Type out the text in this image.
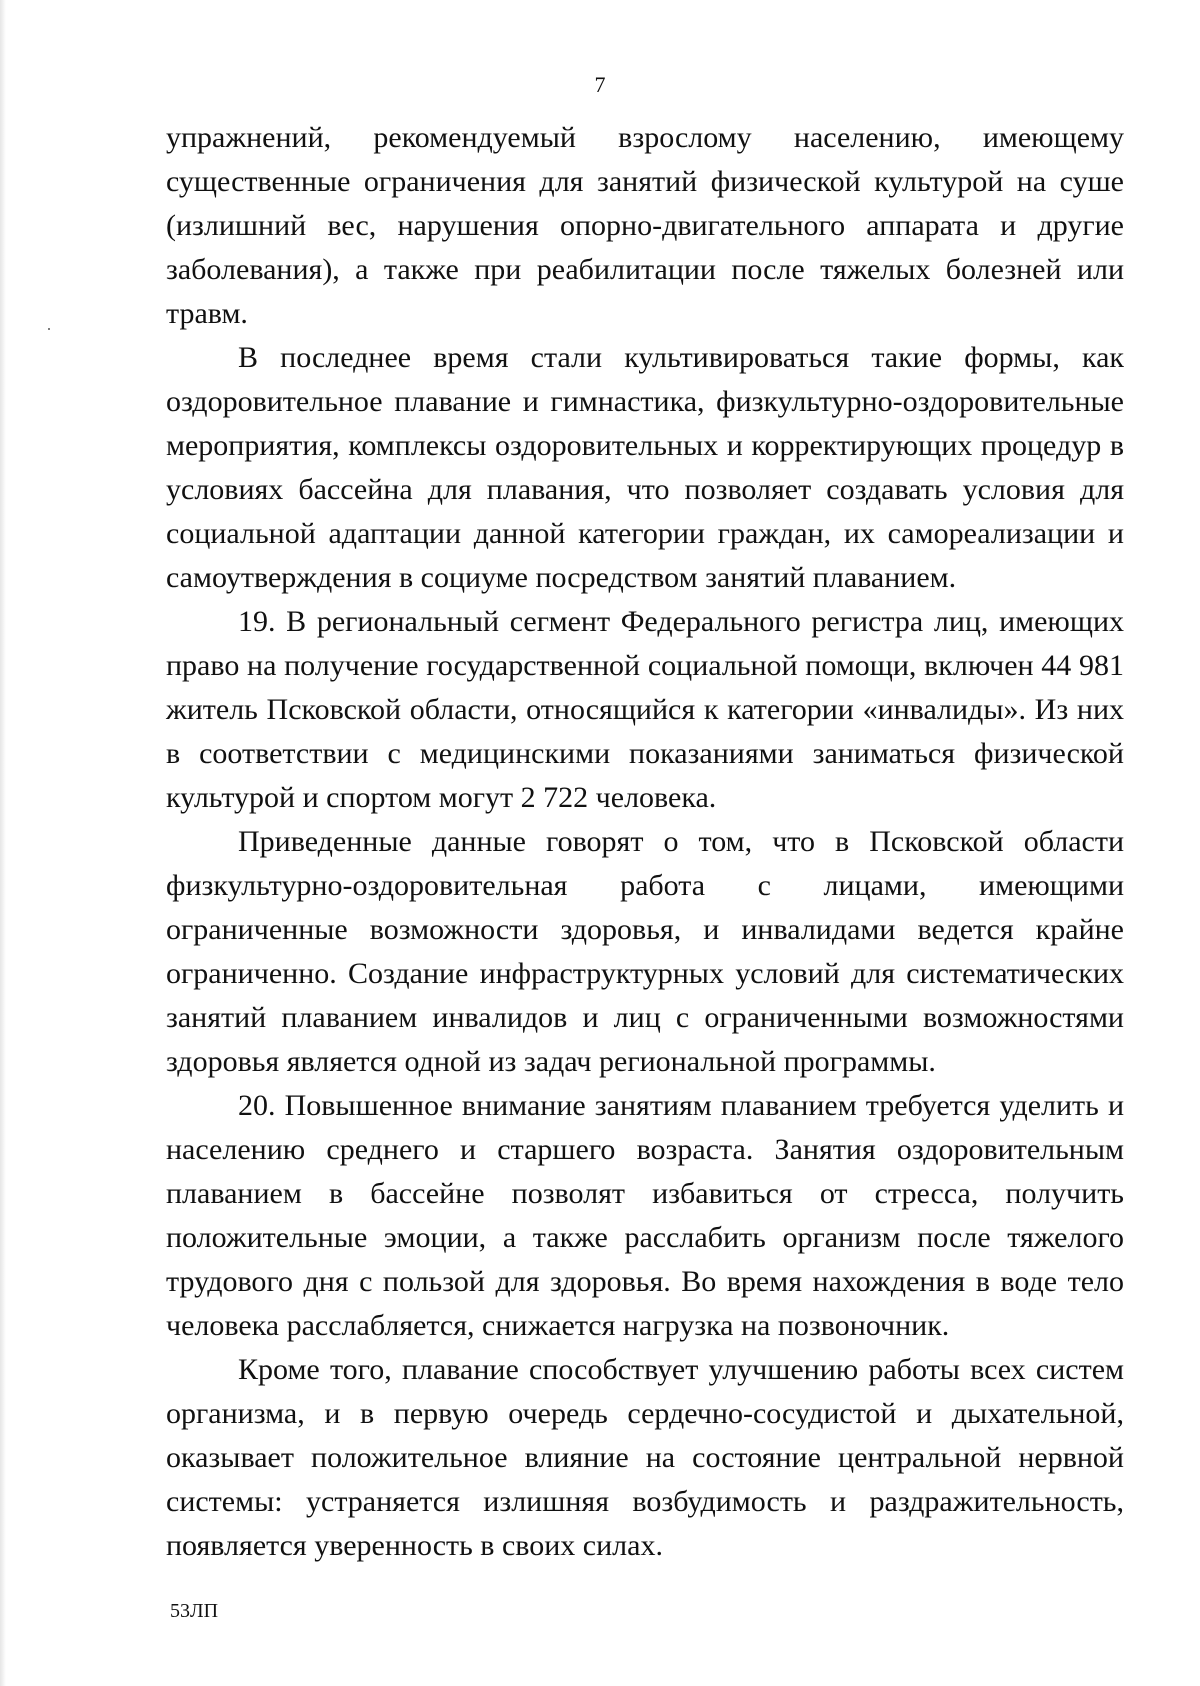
7

упражнений, рекомендуемый взрослому населению, имеющему существенные ограничения для занятий физической культурой на суше (излишний вес, нарушения опорно-двигательного аппарата и другие заболевания), а также при реабилитации после тяжелых болезней или травм.

В последнее время стали культивироваться такие формы, как оздоровительное плавание и гимнастика, физкультурно-оздоровительные мероприятия, комплексы оздоровительных и корректирующих процедур в условиях бассейна для плавания, что позволяет создавать условия для социальной адаптации данной категории граждан, их самореализации и самоутверждения в социуме посредством занятий плаванием.

19. В региональный сегмент Федерального регистра лиц, имеющих право на получение государственной социальной помощи, включен 44 981 житель Псковской области, относящийся к категории «инвалиды». Из них в соответствии с медицинскими показаниями заниматься физической культурой и спортом могут 2 722 человека.

Приведенные данные говорят о том, что в Псковской области физкультурно-оздоровительная работа с лицами, имеющими ограниченные возможности здоровья, и инвалидами ведется крайне ограниченно. Создание инфраструктурных условий для систематических занятий плаванием инвалидов и лиц с ограниченными возможностями здоровья является одной из задач региональной программы.

20. Повышенное внимание занятиям плаванием требуется уделить и населению среднего и старшего возраста. Занятия оздоровительным плаванием в бассейне позволят избавиться от стресса, получить положительные эмоции, а также расслабить организм после тяжелого трудового дня с пользой для здоровья. Во время нахождения в воде тело человека расслабляется, снижается нагрузка на позвоночник.

Кроме того, плавание способствует улучшению работы всех систем организма, и в первую очередь сердечно-сосудистой и дыхательной, оказывает положительное влияние на состояние центральной нервной системы: устраняется излишняя возбудимость и раздражительность, появляется уверенность в своих силах.

53ЛП
